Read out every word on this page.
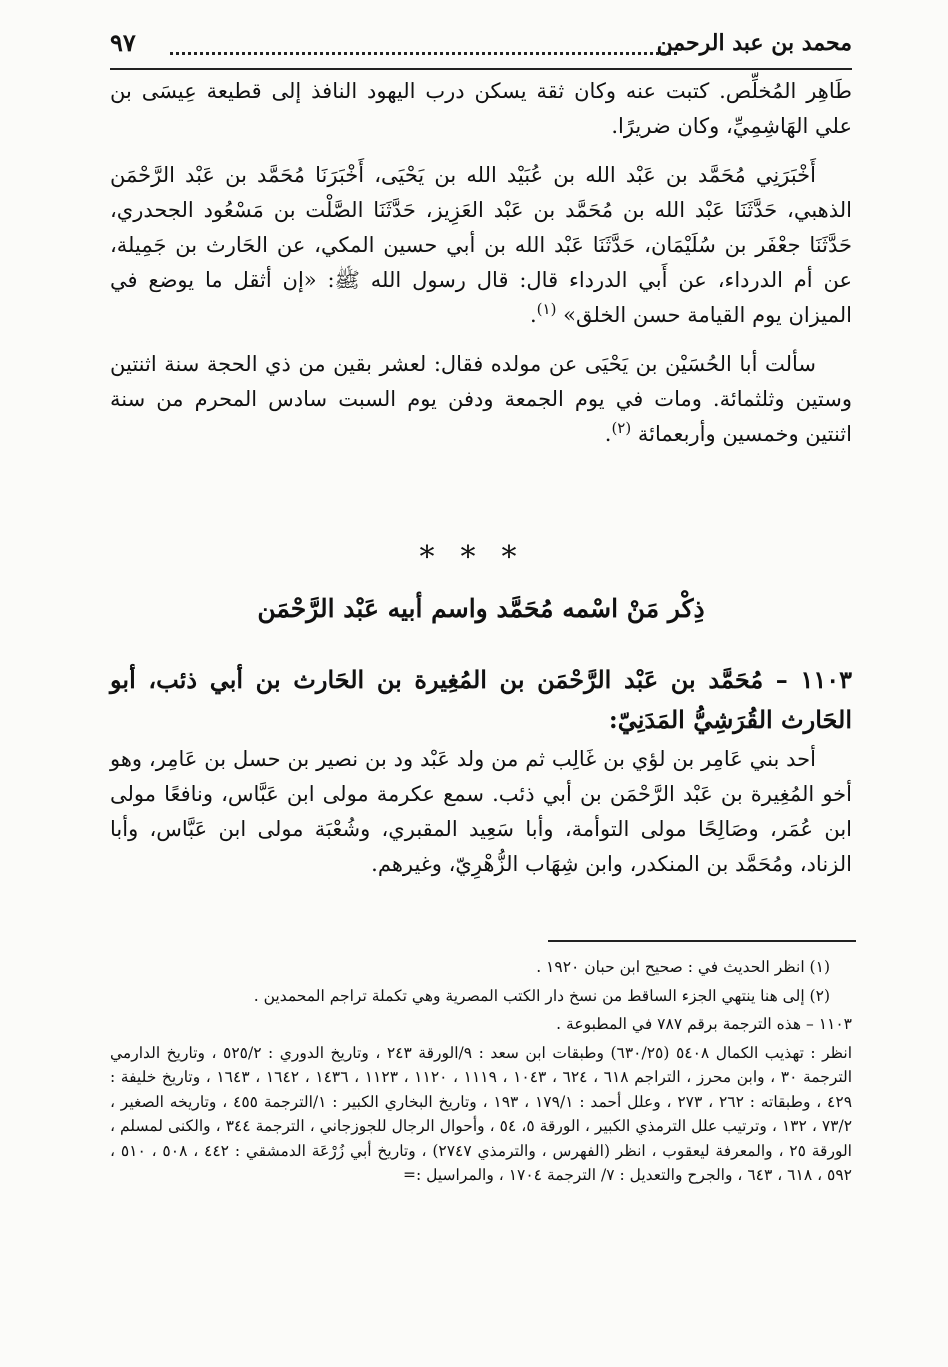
محمد بن عبد الرحمن
٩٧

طَاهِر المُخلِّص. كتبت عنه وكان ثقة يسكن درب اليهود النافذ إلى قطيعة عِيسَى بن علي الهَاشِمِيِّ، وكان ضريرًا.

أَخْبَرَنِي مُحَمَّد بن عَبْد الله بن عُبَيْد الله بن يَحْيَى، أَخْبَرَنَا مُحَمَّد بن عَبْد الرَّحْمَن الذهبي، حَدَّثَنَا عَبْد الله بن مُحَمَّد بن عَبْد العَزِيز، حَدَّثَنَا الصَّلْت بن مَسْعُود الجحدري، حَدَّثَنَا جعْفَر بن سُلَيْمَان، حَدَّثَنَا عَبْد الله بن أبي حسين المكي، عن الحَارث بن جَمِيلة، عن أم الدرداء، عن أَبي الدرداء قال: قال رسول الله ﷺ: «إن أثقل ما يوضع في الميزان يوم القيامة حسن الخلق» $^{(١)}$.

سألت أبا الحُسَيْن بن يَحْيَى عن مولده فقال: لعشر بقين من ذي الحجة سنة اثنتين وستين وثلثمائة. ومات في يوم الجمعة ودفن يوم السبت سادس المحرم من سنة اثنتين وخمسين وأربعمائة $^{(٢)}$.

***
ذِكْر مَنْ اسْمه مُحَمَّد واسم أبيه عَبْد الرَّحْمَن
١١٠٣ – مُحَمَّد بن عَبْد الرَّحْمَن بن المُغِيرة بن الحَارث بن أبي ذئب، أبو الحَارث القُرَشِيُّ المَدَنِيّ:

أحد بني عَامِر بن لؤي بن غَالِب ثم من ولد عَبْد ود بن نصير بن حسل بن عَامِر، وهو أخو المُغِيرة بن عَبْد الرَّحْمَن بن أبي ذئب. سمع عكرمة مولى ابن عَبَّاس، ونافعًا مولى ابن عُمَر، وصَالِحًا مولى التوأمة، وأبا سَعِيد المقبري، وشُعْبَة مولى ابن عَبَّاس، وأبا الزناد، ومُحَمَّد بن المنكدر، وابن شِهَاب الزُّهْرِيّ، وغيرهم.

(١) انظر الحديث في : صحيح ابن حبان ١٩٢٠ .

(٢) إلى هنا ينتهي الجزء الساقط من نسخ دار الكتب المصرية وهي تكملة تراجم المحمدين .

١١٠٣ – هذه الترجمة برقم ٧٨٧ في المطبوعة .

انظر : تهذيب الكمال ٥٤٠٨ (٦٣٠/٢٥) وطبقات ابن سعد : ٩/الورقة ٢٤٣ ، وتاريخ الدوري : ٥٢٥/٢ ، وتاريخ الدارمي الترجمة ٣٠ ، وابن محرز ، التراجم ٦١٨ ، ٦٢٤ ، ١٠٤٣ ، ١١١٩ ، ١١٢٠ ، ١١٢٣ ، ١٤٣٦ ، ١٦٤٢ ، ١٦٤٣ ، وتاريخ خليفة : ٤٢٩ ، وطبقاته : ٢٦٢ ، ٢٧٣ ، وعلل أحمد : ١٧٩/١ ، ١٩٣ ، وتاريخ البخاري الكبير : ١/الترجمة ٤٥٥ ، وتاريخه الصغير ، ٧٣/٢ ، ١٣٢ ، وترتيب علل الترمذي الكبير ، الورقة ٥، ٥٤ ، وأحوال الرجال للجوزجاني ، الترجمة ٣٤٤ ، والكنى لمسلم ، الورقة ٢٥ ، والمعرفة ليعقوب ، انظر (الفهرس ، والترمذي ٢٧٤٧) ، وتاريخ أبي زُرْعَة الدمشقي : ٤٤٢ ، ٥٠٨ ، ٥١٠ ، ٥٩٢ ، ٦١٨ ، ٦٤٣ ، والجرح والتعديل : ٧/ الترجمة ١٧٠٤ ، والمراسيل :=
